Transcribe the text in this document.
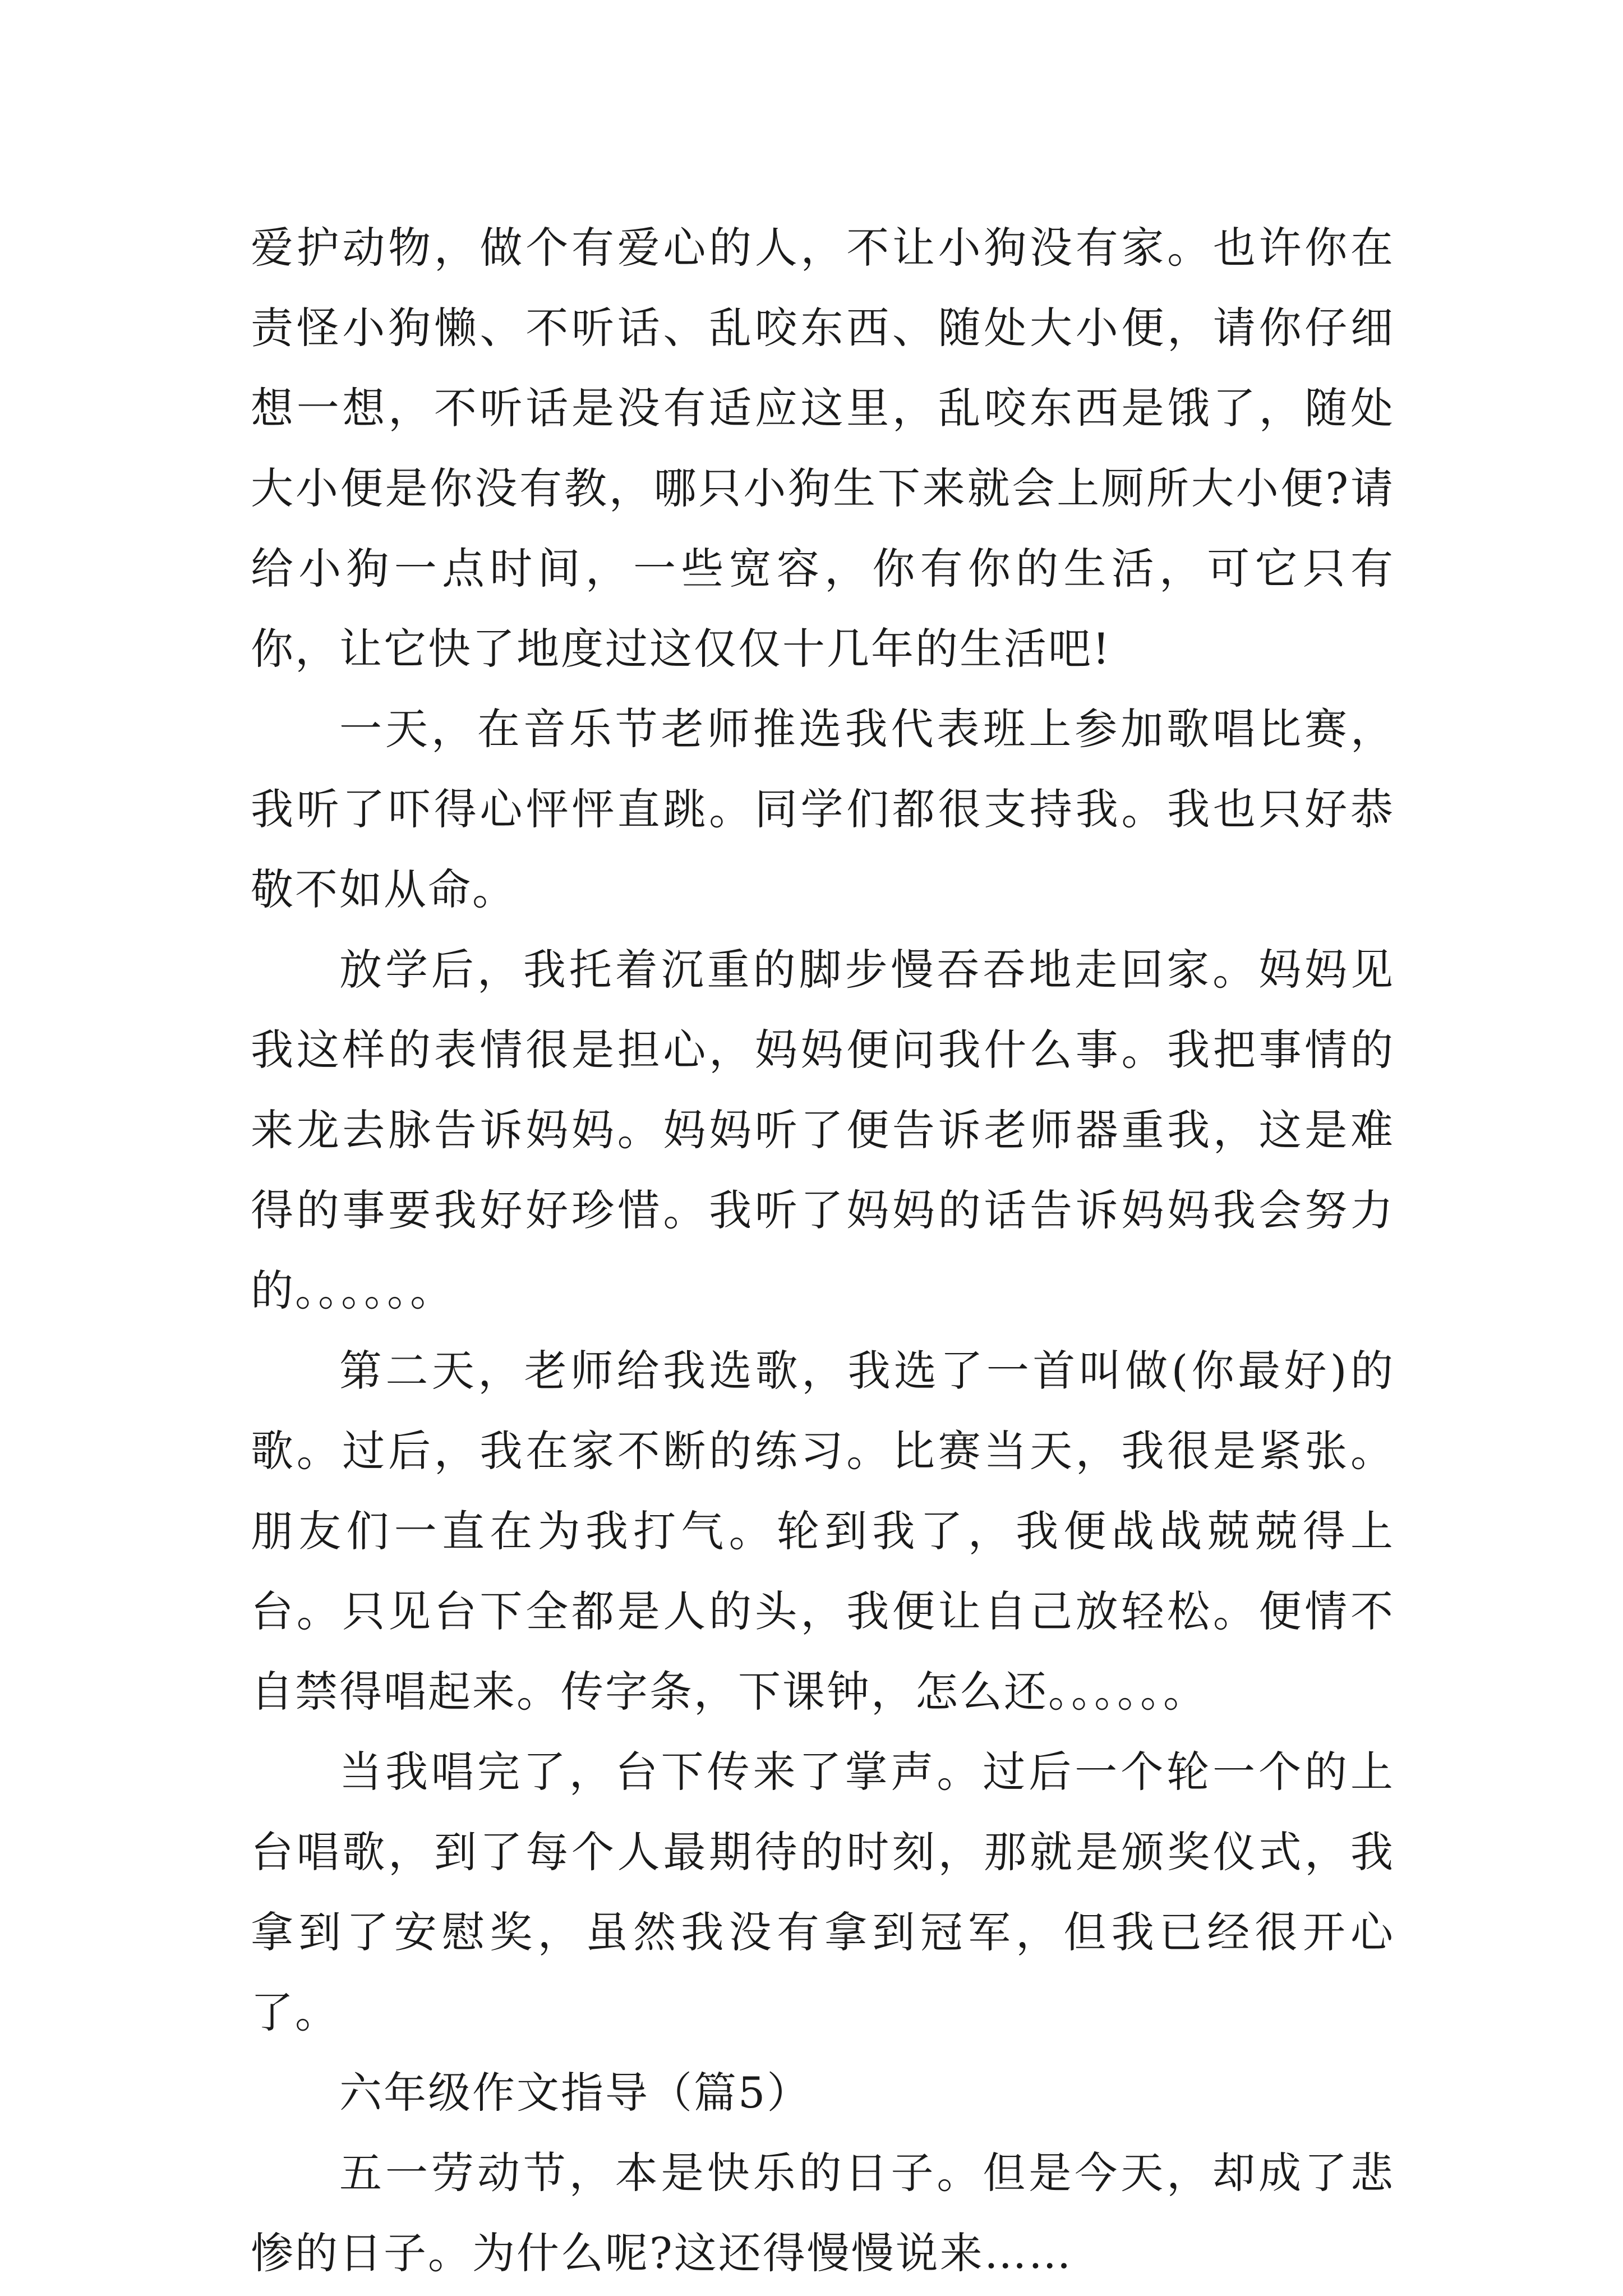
爱护动物，做个有爱心的人，不让小狗没有家。也许你在责怪小狗懒、不听话、乱咬东西、随处大小便，请你仔细想一想，不听话是没有适应这里，乱咬东西是饿了，随处大小便是你没有教，哪只小狗生下来就会上厕所大小便?请给小狗一点时间，一些宽容，你有你的生活，可它只有你，让它快了地度过这仅仅十几年的生活吧!

一天，在音乐节老师推选我代表班上参加歌唱比赛，我听了吓得心怦怦直跳。同学们都很支持我。我也只好恭敬不如从命。

放学后，我托着沉重的脚步慢吞吞地走回家。妈妈见我这样的表情很是担心，妈妈便问我什么事。我把事情的来龙去脉告诉妈妈。妈妈听了便告诉老师器重我，这是难得的事要我好好珍惜。我听了妈妈的话告诉妈妈我会努力的。。。。。。

第二天，老师给我选歌，我选了一首叫做(你最好)的歌。过后，我在家不断的练习。比赛当天，我很是紧张。朋友们一直在为我打气。轮到我了，我便战战兢兢得上台。只见台下全都是人的头，我便让自己放轻松。便情不自禁得唱起来。传字条，下课钟，怎么还。。。。。。

当我唱完了，台下传来了掌声。过后一个轮一个的上台唱歌，到了每个人最期待的时刻，那就是颁奖仪式，我拿到了安慰奖，虽然我没有拿到冠军，但我已经很开心了。

六年级作文指导（篇5）

五一劳动节，本是快乐的日子。但是今天，却成了悲惨的日子。为什么呢?这还得慢慢说来……
